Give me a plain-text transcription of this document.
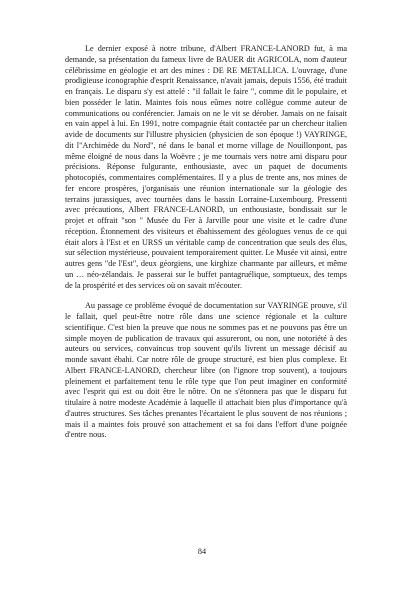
Le dernier exposé à notre tribune, d'Albert FRANCE-LANORD fut, à ma demande, sa présentation du fameux livre de BAUER dit AGRICOLA, nom d'auteur célébrissime en géologie et art des mines : DE RE METALLICA. L'ouvrage, d'une prodigieuse iconographie d'esprit Renaissance, n'avait jamais, depuis 1556, été traduit en français. Le disparu s'y est attelé : "il fallait le faire ", comme dit le populaire, et bien posséder le latin. Maintes fois nous eûmes notre collègue comme auteur de communications ou conférencier. Jamais on ne le vit se dérober. Jamais on ne faisait en vain appel à lui. En 1991, notre compagnie était contactée par un chercheur italien avide de documents sur l'illustre physicien (physicien de son époque !) VAYRINGE, dit l"Archimède du Nord", né dans le banal et morne village de Nouillonpont, pas même éloigné de nous dans la Woëvre ; je me tournais vers notre ami disparu pour précisions. Réponse fulgurante, enthousiaste, avec un paquet de documents photocopiés, commentaires complémentaires. Il y a plus de trente ans, nos mines de fer encore prospères, j'organisais une réunion internationale sur la géologie des terrains jurassiques, avec tournées dans le bassin Lorraine-Luxembourg. Pressenti avec précautions, Albert FRANCE-LANORD, un enthousiaste, bondissait sur le projet et offrait "son " Musée du Fer à Jarville pour une visite et le cadre d'une réception. Étonnement des visiteurs et ébahissement des géologues venus de ce qui était alors à l'Est et en URSS un véritable camp de concentration que seuls des élus, sur sélection mystérieuse, pouvaient temporairement quitter. Le Musée vit ainsi, entre autres gens "de l'Est", deux géorgiens, une kirghize charmante par ailleurs, et même un … néo-zélandais. Je passerai sur le buffet pantagruélique, somptueux, des temps de la prospérité et des services où on savait m'écouter.

Au passage ce problème évoqué de documentation sur VAYRINGE prouve, s'il le fallait, quel peut-être notre rôle dans une science régionale et la culture scientifique. C'est bien la preuve que nous ne sommes pas et ne pouvons pas être un simple moyen de publication de travaux qui assureront, ou non, une notoriété à des auteurs ou services, convaincus trop souvent qu'ils livrent un message décisif au monde savant ébahi. Car notre rôle de groupe structuré, est bien plus complexe. Et Albert FRANCE-LANORD, chercheur libre (on l'ignore trop souvent), a toujours pleinement et parfaitement tenu le rôle type que l'on peut imaginer en conformité avec l'esprit qui est ou doit être le nôtre. On ne s'étonnera pas que le disparu fut titulaire à notre modeste Académie à laquelle il attachait bien plus d'importance qu'à d'autres structures. Ses tâches prenantes l'écartaient le plus souvent de nos réunions ; mais il a maintes fois prouvé son attachement et sa foi dans l'effort d'une poignée d'entre nous.

84
